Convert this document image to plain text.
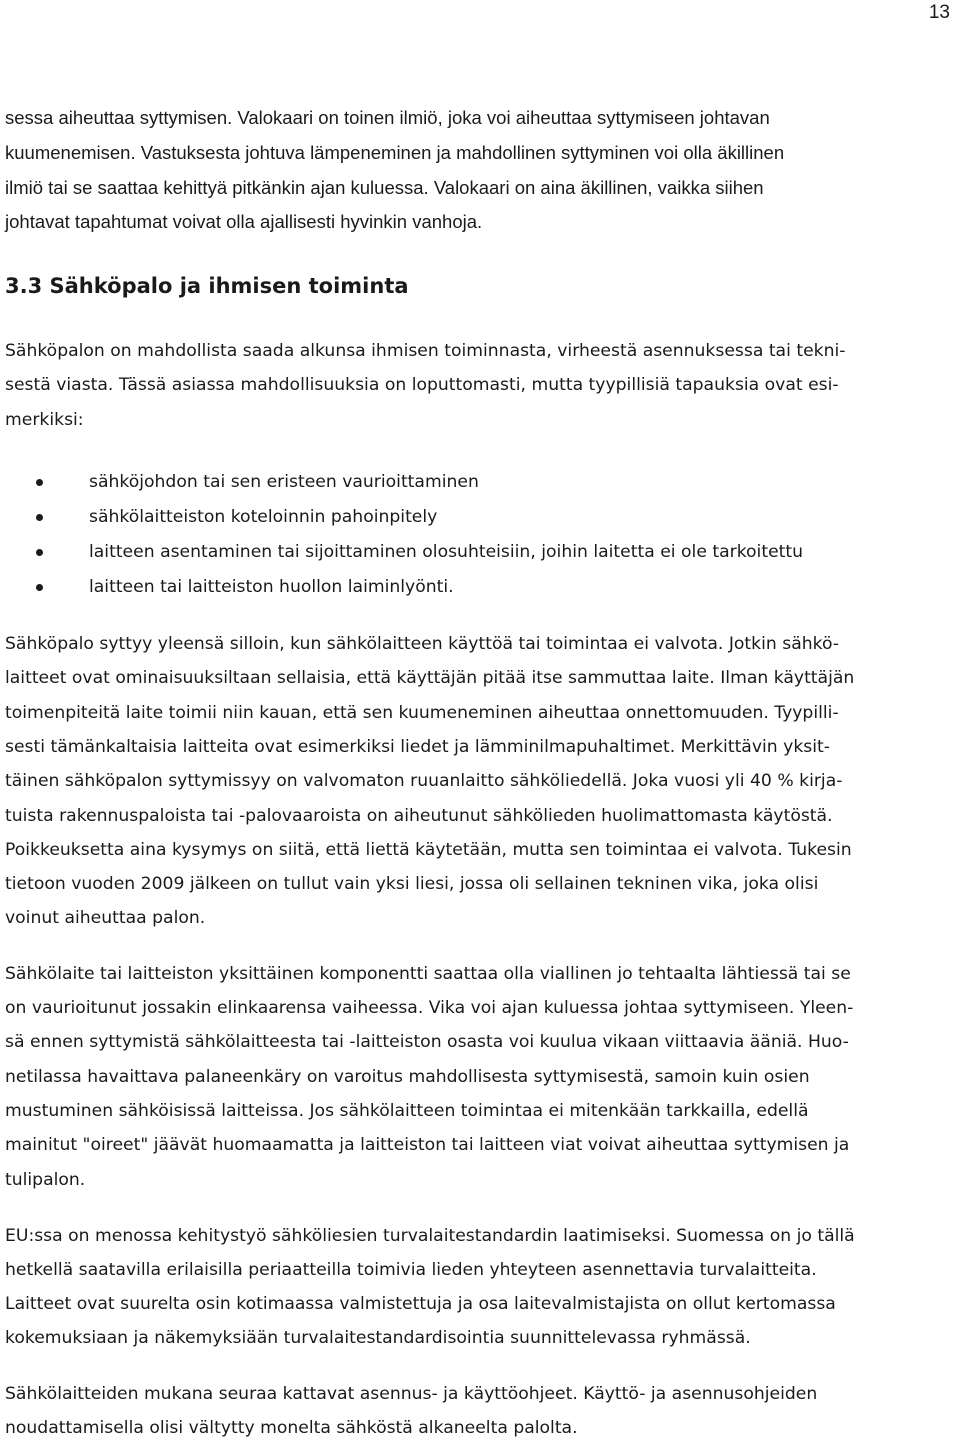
13
sessa aiheuttaa syttymisen. Valokaari on toinen ilmiö, joka voi aiheuttaa syttymiseen johtavan
kuumenemisen. Vastuksesta johtuva lämpeneminen ja mahdollinen syttyminen voi olla äkillinen
ilmiö tai se saattaa kehittyä pitkänkin ajan kuluessa. Valokaari on aina äkillinen, vaikka siihen
johtavat tapahtumat voivat olla ajallisesti hyvinkin vanhoja.
3.3 Sähköpalo ja ihmisen toiminta
Sähköpalon on mahdollista saada alkunsa ihmisen toiminnasta, virheestä asennuksessa tai tekni-
sestä viasta. Tässä asiassa mahdollisuuksia on loputtomasti, mutta tyypillisiä tapauksia ovat esi-
merkiksi:
sähköjohdon tai sen eristeen vaurioittaminen
sähkölaitteiston koteloinnin pahoinpitely
laitteen asentaminen tai sijoittaminen olosuhteisiin, joihin laitetta ei ole tarkoitettu
laitteen tai laitteiston huollon laiminlyönti.
Sähköpalo syttyy yleensä silloin, kun sähkölaitteen käyttöä tai toimintaa ei valvota. Jotkin sähkö-
laitteet ovat ominaisuuksiltaan sellaisia, että käyttäjän pitää itse sammuttaa laite. Ilman käyttäjän
toimenpiteitä laite toimii niin kauan, että sen kuumeneminen aiheuttaa onnettomuuden. Tyypilli-
sesti tämänkaltaisia laitteita ovat esimerkiksi liedet ja lämminilmapuhaltimet. Merkittävin yksit-
täinen sähköpalon syttymissyy on valvomaton ruuanlaitto sähköliedellä. Joka vuosi yli 40 % kirja-
tuista rakennuspaloista tai -palovaaroista on aiheutunut sähkölieden huolimattomasta käytöstä.
Poikkeuksetta aina kysymys on siitä, että liettä käytetään, mutta sen toimintaa ei valvota. Tukesin
tietoon vuoden 2009 jälkeen on tullut vain yksi liesi, jossa oli sellainen tekninen vika, joka olisi
voinut aiheuttaa palon.
Sähkölaite tai laitteiston yksittäinen komponentti saattaa olla viallinen jo tehtaalta lähtiessä tai se
on vaurioitunut jossakin elinkaarensa vaiheessa. Vika voi ajan kuluessa johtaa syttymiseen. Yleen-
sä ennen syttymistä sähkölaitteesta tai -laitteiston osasta voi kuulua vikaan viittaavia ääniä. Huo-
netilassa havaittava palaneenkäry on varoitus mahdollisesta syttymisestä, samoin kuin osien
mustuminen sähköisissä laitteissa. Jos sähkölaitteen toimintaa ei mitenkään tarkkailla, edellä
mainitut "oireet" jäävät huomaamatta ja laitteiston tai laitteen viat voivat aiheuttaa syttymisen ja
tulipalon.
EU:ssa on menossa kehitystyö sähköliesien turvalaitestandardin laatimiseksi. Suomessa on jo tällä
hetkellä saatavilla erilaisilla periaatteilla toimivia lieden yhteyteen asennettavia turvalaitteita.
Laitteet ovat suurelta osin kotimaassa valmistettuja ja osa laitevalmistajista on ollut kertomassa
kokemuksiaan ja näkemyksiään turvalaitestandardisointia suunnittelevassa ryhmässä.
Sähkölaitteiden mukana seuraa kattavat asennus- ja käyttöohjeet. Käyttö- ja asennusohjeiden
noudattamisella olisi vältytty monelta sähköstä alkaneelta palolta.
